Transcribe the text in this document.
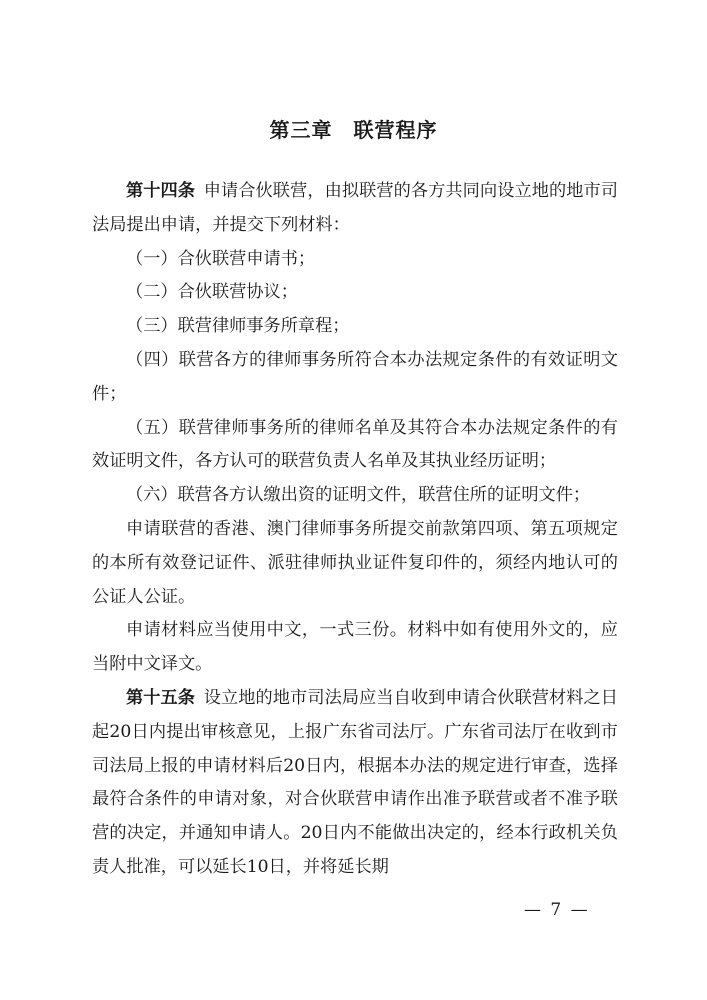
第三章　联营程序

第十四条  申请合伙联营，由拟联营的各方共同向设立地的地市司法局提出申请，并提交下列材料：

（一）合伙联营申请书；

（二）合伙联营协议；

（三）联营律师事务所章程；

（四）联营各方的律师事务所符合本办法规定条件的有效证明文件；

（五）联营律师事务所的律师名单及其符合本办法规定条件的有效证明文件，各方认可的联营负责人名单及其执业经历证明；

（六）联营各方认缴出资的证明文件，联营住所的证明文件；

申请联营的香港、澳门律师事务所提交前款第四项、第五项规定的本所有效登记证件、派驻律师执业证件复印件的，须经内地认可的公证人公证。

申请材料应当使用中文，一式三份。材料中如有使用外文的，应当附中文译文。

第十五条  设立地的地市司法局应当自收到申请合伙联营材料之日起20日内提出审核意见，上报广东省司法厅。广东省司法厅在收到市司法局上报的申请材料后20日内，根据本办法的规定进行审查，选择最符合条件的申请对象，对合伙联营申请作出准予联营或者不准予联营的决定，并通知申请人。20日内不能做出决定的，经本行政机关负责人批准，可以延长10日，并将延长期

— 7 —
